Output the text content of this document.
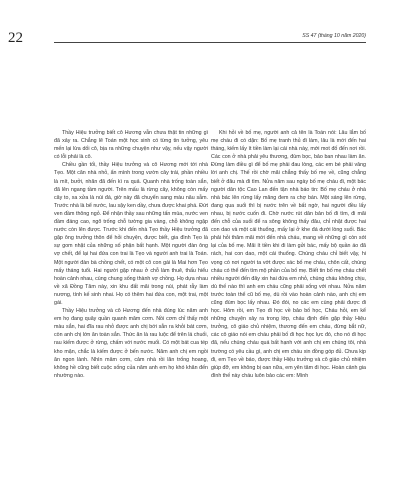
22	SS 47 (tháng 10 năm 2020)

Thầy Hiệu trưởng biết cô Hương vẫn chưa thật tin những gì đã xảy ra. Chẳng lẽ Toán một học sinh có từng tin tưởng, yêu mến lại lừa dối cô, bịa ra những chuyện như vậy, nếu vậy người có lỗi phải là cô.

Chiều gần tối, thầy Hiệu trưởng và cô Hương mới tới nhà Tẹo. Một căn nhà nhỏ, ẩn mình trong vườn cây trái, phần nhiều là mít, bưởi, nhãn đã đến kì ra quả. Quanh nhà trống toàn sắn, đã lên ngang tầm người. Trên mấu là rừng cây, không còn mấy cây to, xa xửa là núi đá, giờ này đã chuyển sang màu nâu sẫm. Trước nhà là bể nước, lau sậy ken dầy, chưa được khai phá. Đứt ven đầm thông ngỏ. Để nhận thầy sau những tấn mùa, nước ven đầm đáng cao, ngõ trống chỗ tường gia vàng, chỗ không ngập nước còn lên được. Trước khi đến nhà Tẹo thầy Hiệu trưởng đã gặp ông trưởng thôn để hỏi chuyện, được biết, gia đình Tẹo là sự gom nhặt của những số phận bất hạnh. Một người đàn ông vợ chết, để lại hai đứa con trai là Tẹo và người anh trai là Toán. Một người đàn bà chồng chết, có một cô con gái là Mai hơn Tẹo mấy tháng tuổi. Hai người gặp nhau ở chỗ làm thuê, thấu hiểu hoàn cảnh nhau, cùng chung sống thành vợ chồng. Họ dựa nhau về xã Đồng Tâm này, xin khu đất mãi trong núi, phát rẫy làm nương, tính kế sinh nhai. Họ có thêm hai đứa con, một trai, một gái.

Thầy Hiệu trưởng và cô Hương đến nhà đúng lúc năm anh em họ đang quây quần quanh mâm cơm. Nồi cơm chỉ thấy một màu sắn, hai đĩa rau nhỏ được anh chị bới sẵn ra khỏi bát cơm, còn anh chị lớn ăn toàn sắn. Thức ăn là rau luộc để trên lá chuối, rau kiếm được ở rừng, chấm với nước muối. Có một bát cua tép kho mặn, chắc là kiếm được ở bến nước. Năm anh chị em ngồi ăn ngon lành. Nhìn mâm cơm, cảm nhà rồi lăn trống hoang, không hề cũng biết cuộc sống của năm anh em họ khó khăn đến nhường nào.

Khi hỏi về bố mẹ, người anh cả tên là Toán nói: Lâu lắm bố mẹ cháu đi có dặn: Bố mẹ tranh thủ đi làm, lâu là mới đến hai tháng, kiếm lấy ít tiền làm lại cái nhà này, mới mot đố đến nơi rồi. Các con ở nhà phải yêu thương, đùm bọc, bảo ban nhau làm ăn. Đừng làm điều gì để bố mẹ phải đau lòng, các em bé phải vâng lời anh chị. Thế rồi chờ mãi chẳng thấy bố mẹ về, cũng chẳng biết ở đâu mà đi tìm. Nửa năm sau ngày bố mẹ cháu đi, một bác người dân tộc Cao Lan đến tận nhà báo tin: Bố mẹ cháu ở nhà nhà bác lên rừng lấy măng đem ra chợ bán. Một sáng lên rừng, đang qua suối thì bị nước trên về bất ngờ, hai người đều lấy nhau, bị nước cuốn đi. Chờ nước rút dân bản bố đi tìm, đi mãi đến chỗ của suối để ra sông không thấy đâu, chỉ nhặt được hai con dao và một cái thuổng, mấy lại ở khe đá dưới lòng suối. Bác phải hỏi thăm mãi mới đến nhà cháu, mang về những gì còn sót lại của bố mẹ. Mãi ít tiền khi đi làm gửi bác, mấy bộ quần áo đã rách, hai con dao, một cái thuổng. Chúng cháu chỉ biết vậy, hi vọng có nơi người ta vớt được xác bố mẹ cháu, chôn cất, chúng cháu có thể đến tìm mộ phần của bố mẹ. Biết tin bố mẹ cháu chết nhiều người đến đây xin hai đứa em nhỏ, chúng cháu không chịu, dù thế nào thì anh em cháu cũng phải sống với nhau. Nửa năm trước toàn thể cũ bố mẹ, dù rồi vào hoàn cảnh nào, anh chị em cũng đùm bọc lấy nhau. Đó đói, no các em cùng phải được đi học. Hôm rồi, em Tẹo đi học về bảo bố học, Cháu hỏi, em kể những chuyện xảy ra trong lớp, cháu định đến gặp thầy Hiệu trưởng, cô giáo chủ nhiệm, thương đến em cháu, đừng bắt nữ, các cô giáo nói em cháu phải bố đi học học lực đó, cho nó đi học đã, nếu chúng cháu quá bất hạnh với anh chị em chúng tôi, nhà trường có yêu cầu gì, anh chị em cháu xin đồng góp đủ. Chưa kịp đi, em Tẹo về báo, được thầy Hiệu trưởng và cô giáo chủ nhiệm giúp đỡ, em không bị oan nữa, em yên tâm đi học. Hoàn cảnh gia đình thế này cháu luôn bảo các em: Mình
